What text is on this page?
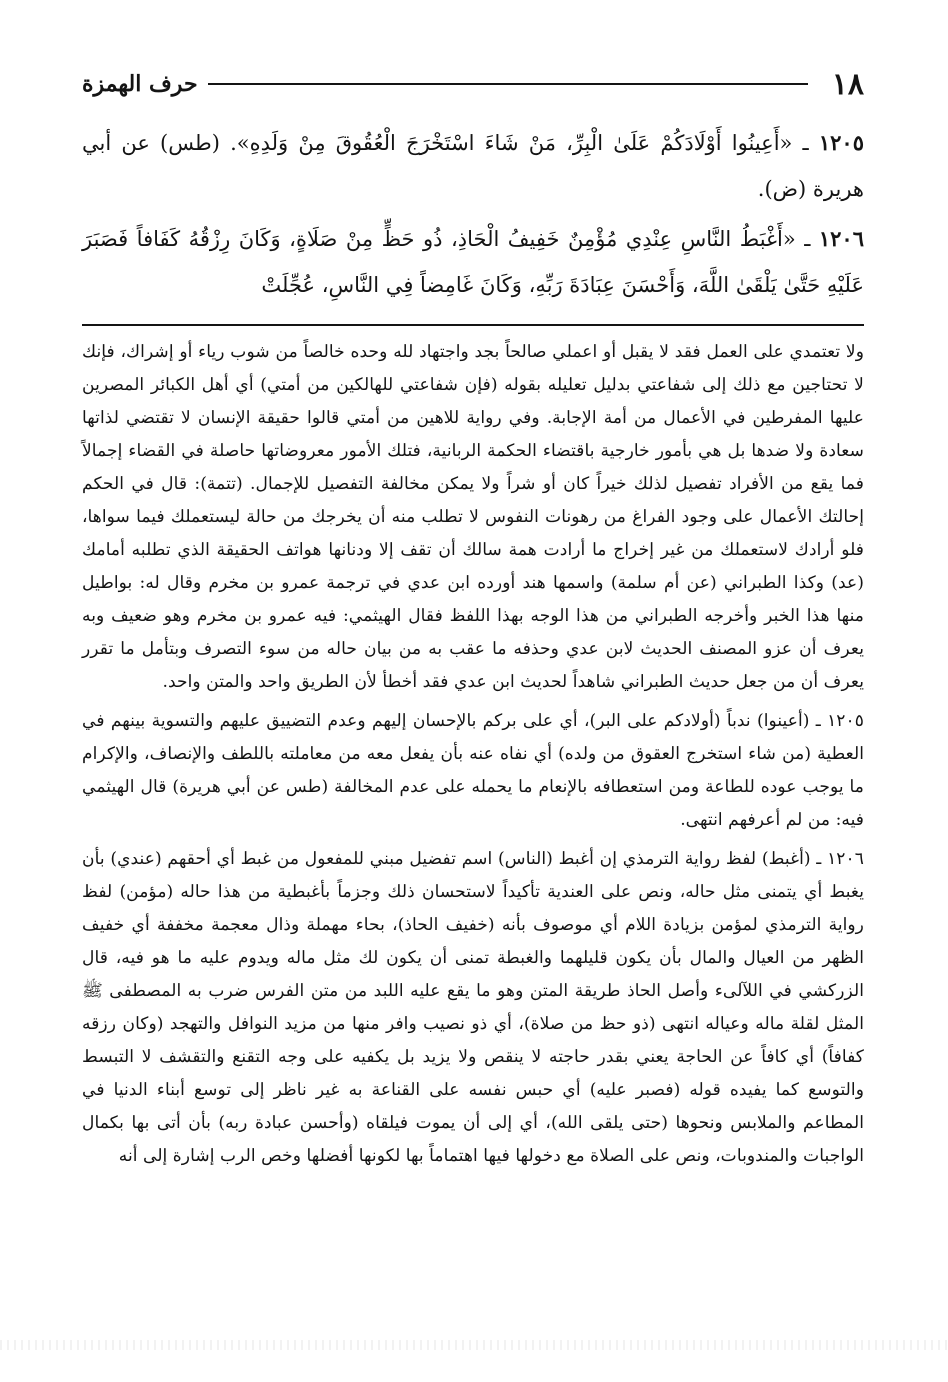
١٨
حرف الهمزة

١٢٠٥ ـ «أَعِينُوا أَوْلَادَكُمْ عَلَىٰ الْبِرِّ، مَنْ شَاءَ اسْتَخْرَجَ الْعُقُوقَ مِنْ وَلَدِهِ». (طس) عن أبي هريرة (ض).

١٢٠٦ ـ «أَغْبَطُ النَّاسِ عِنْدِي مُؤْمِنٌ خَفِيفُ الْحَاذِ، ذُو حَظٍّ مِنْ صَلَاةٍ، وَكَانَ رِزْقُهُ كَفَافاً فَصَبَرَ عَلَيْهِ حَتَّىٰ يَلْقَىٰ اللَّهَ، وَأَحْسَنَ عِبَادَةَ رَبِّهِ، وَكَانَ غَامِضاً فِي النَّاسِ، عُجِّلَتْ

ولا تعتمدي على العمل فقد لا يقبل أو اعملي صالحاً بجد واجتهاد لله وحده خالصاً من شوب رياء أو إشراك، فإنك لا تحتاجين مع ذلك إلى شفاعتي بدليل تعليله بقوله (فإن شفاعتي للهالكين من أمتي) أي أهل الكبائر المصرين عليها المفرطين في الأعمال من أمة الإجابة. وفي رواية للاهين من أمتي قالوا حقيقة الإنسان لا تقتضي لذاتها سعادة ولا ضدها بل هي بأمور خارجية باقتضاء الحكمة الربانية، فتلك الأمور معروضاتها حاصلة في القضاء إجمالاً فما يقع من الأفراد تفصيل لذلك خيراً كان أو شراً ولا يمكن مخالفة التفصيل للإجمال. (تتمة): قال في الحكم إحالتك الأعمال على وجود الفراغ من رهونات النفوس لا تطلب منه أن يخرجك من حالة ليستعملك فيما سواها، فلو أرادك لاستعملك من غير إخراج ما أرادت همة سالك أن تقف إلا ودنانها هواتف الحقيقة الذي تطلبه أمامك (عد) وكذا الطبراني (عن أم سلمة) واسمها هند أورده ابن عدي في ترجمة عمرو بن مخرم وقال له: بواطيل منها هذا الخبر وأخرجه الطبراني من هذا الوجه بهذا اللفظ فقال الهيثمي: فيه عمرو بن مخرم وهو ضعيف وبه يعرف أن عزو المصنف الحديث لابن عدي وحذفه ما عقب به من بيان حاله من سوء التصرف وبتأمل ما تقرر يعرف أن من جعل حديث الطبراني شاهداً لحديث ابن عدي فقد أخطأ لأن الطريق واحد والمتن واحد.

١٢٠٥ ـ (أعينوا) ندباً (أولادكم على البر)، أي على بركم بالإحسان إليهم وعدم التضييق عليهم والتسوية بينهم في العطية (من شاء استخرج العقوق من ولده) أي نفاه عنه بأن يفعل معه من معاملته باللطف والإنصاف، والإكرام ما يوجب عوده للطاعة ومن استعطافه بالإنعام ما يحمله على عدم المخالفة (طس عن أبي هريرة) قال الهيثمي فيه: من لم أعرفهم انتهى.

١٢٠٦ ـ (أغبط) لفظ رواية الترمذي إن أغبط (الناس) اسم تفضيل مبني للمفعول من غبط أي أحقهم (عندي) بأن يغبط أي يتمنى مثل حاله، ونص على العندية تأكيداً لاستحسان ذلك وجزماً بأغبطية من هذا حاله (مؤمن) لفظ رواية الترمذي لمؤمن بزيادة اللام أي موصوف بأنه (خفيف الحاذ)، بحاء مهملة وذال معجمة مخففة أي خفيف الظهر من العيال والمال بأن يكون قليلهما والغبطة تمنى أن يكون لك مثل ماله ويدوم عليه ما هو فيه، قال الزركشي في اللآلىء وأصل الحاذ طريقة المتن وهو ما يقع عليه اللبد من متن الفرس ضرب به المصطفى ﷺ المثل لقلة ماله وعياله انتهى (ذو حظ من صلاة)، أي ذو نصيب وافر منها من مزيد النوافل والتهجد (وكان رزقه كفافاً) أي كافاً عن الحاجة يعني بقدر حاجته لا ينقص ولا يزيد بل يكفيه على وجه التقنع والتقشف لا التبسط والتوسع كما يفيده قوله (فصبر عليه) أي حبس نفسه على القناعة به غير ناظر إلى توسع أبناء الدنيا في المطاعم والملابس ونحوها (حتى يلقى الله)، أي إلى أن يموت فيلقاه (وأحسن عبادة ربه) بأن أتى بها بكمال الواجبات والمندوبات، ونص على الصلاة مع دخولها فيها اهتماماً بها لكونها أفضلها وخص الرب إشارة إلى أنه
